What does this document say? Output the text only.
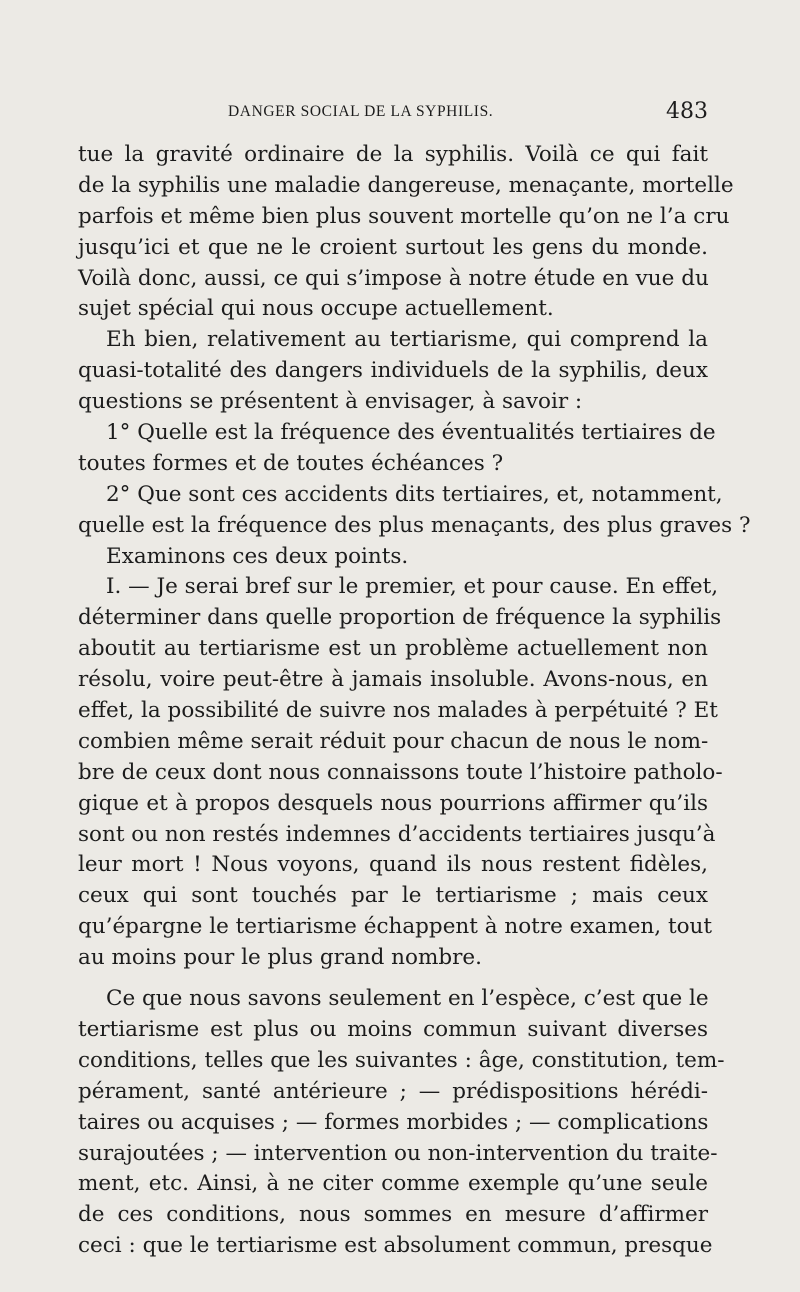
DANGER SOCIAL DE LA SYPHILIS.	483
tue la gravité ordinaire de la syphilis. Voilà ce qui fait
de la syphilis une maladie dangereuse, menaçante, mortelle
parfois et même bien plus souvent mortelle qu’on ne l’a cru
jusqu’ici et que ne le croient surtout les gens du monde.
Voilà donc, aussi, ce qui s’impose à notre étude en vue du
sujet spécial qui nous occupe actuellement.
Eh bien, relativement au tertiarisme, qui comprend la
quasi-totalité des dangers individuels de la syphilis, deux
questions se présentent à envisager, à savoir :
1° Quelle est la fréquence des éventualités tertiaires de
toutes formes et de toutes échéances ?
2° Que sont ces accidents dits tertiaires, et, notamment,
quelle est la fréquence des plus menaçants, des plus graves ?
Examinons ces deux points.
I. — Je serai bref sur le premier, et pour cause. En effet,
déterminer dans quelle proportion de fréquence la syphilis
aboutit au tertiarisme est un problème actuellement non
résolu, voire peut-être à jamais insoluble. Avons-nous, en
effet, la possibilité de suivre nos malades à perpétuité ? Et
combien même serait réduit pour chacun de nous le nom-
bre de ceux dont nous connaissons toute l’histoire patholo-
gique et à propos desquels nous pourrions affirmer qu’ils
sont ou non restés indemnes d’accidents tertiaires jusqu’à
leur mort ! Nous voyons, quand ils nous restent fidèles,
ceux qui sont touchés par le tertiarisme ; mais ceux
qu’épargne le tertiarisme échappent à notre examen, tout
au moins pour le plus grand nombre.
Ce que nous savons seulement en l’espèce, c’est que le
tertiarisme est plus ou moins commun suivant diverses
conditions, telles que les suivantes : âge, constitution, tem-
pérament, santé antérieure ; — prédispositions hérédi-
taires ou acquises ; — formes morbides ; — complications
surajoutées ; — intervention ou non-intervention du traite-
ment, etc. Ainsi, à ne citer comme exemple qu’une seule
de ces conditions, nous sommes en mesure d’affirmer
ceci : que le tertiarisme est absolument commun, presque
